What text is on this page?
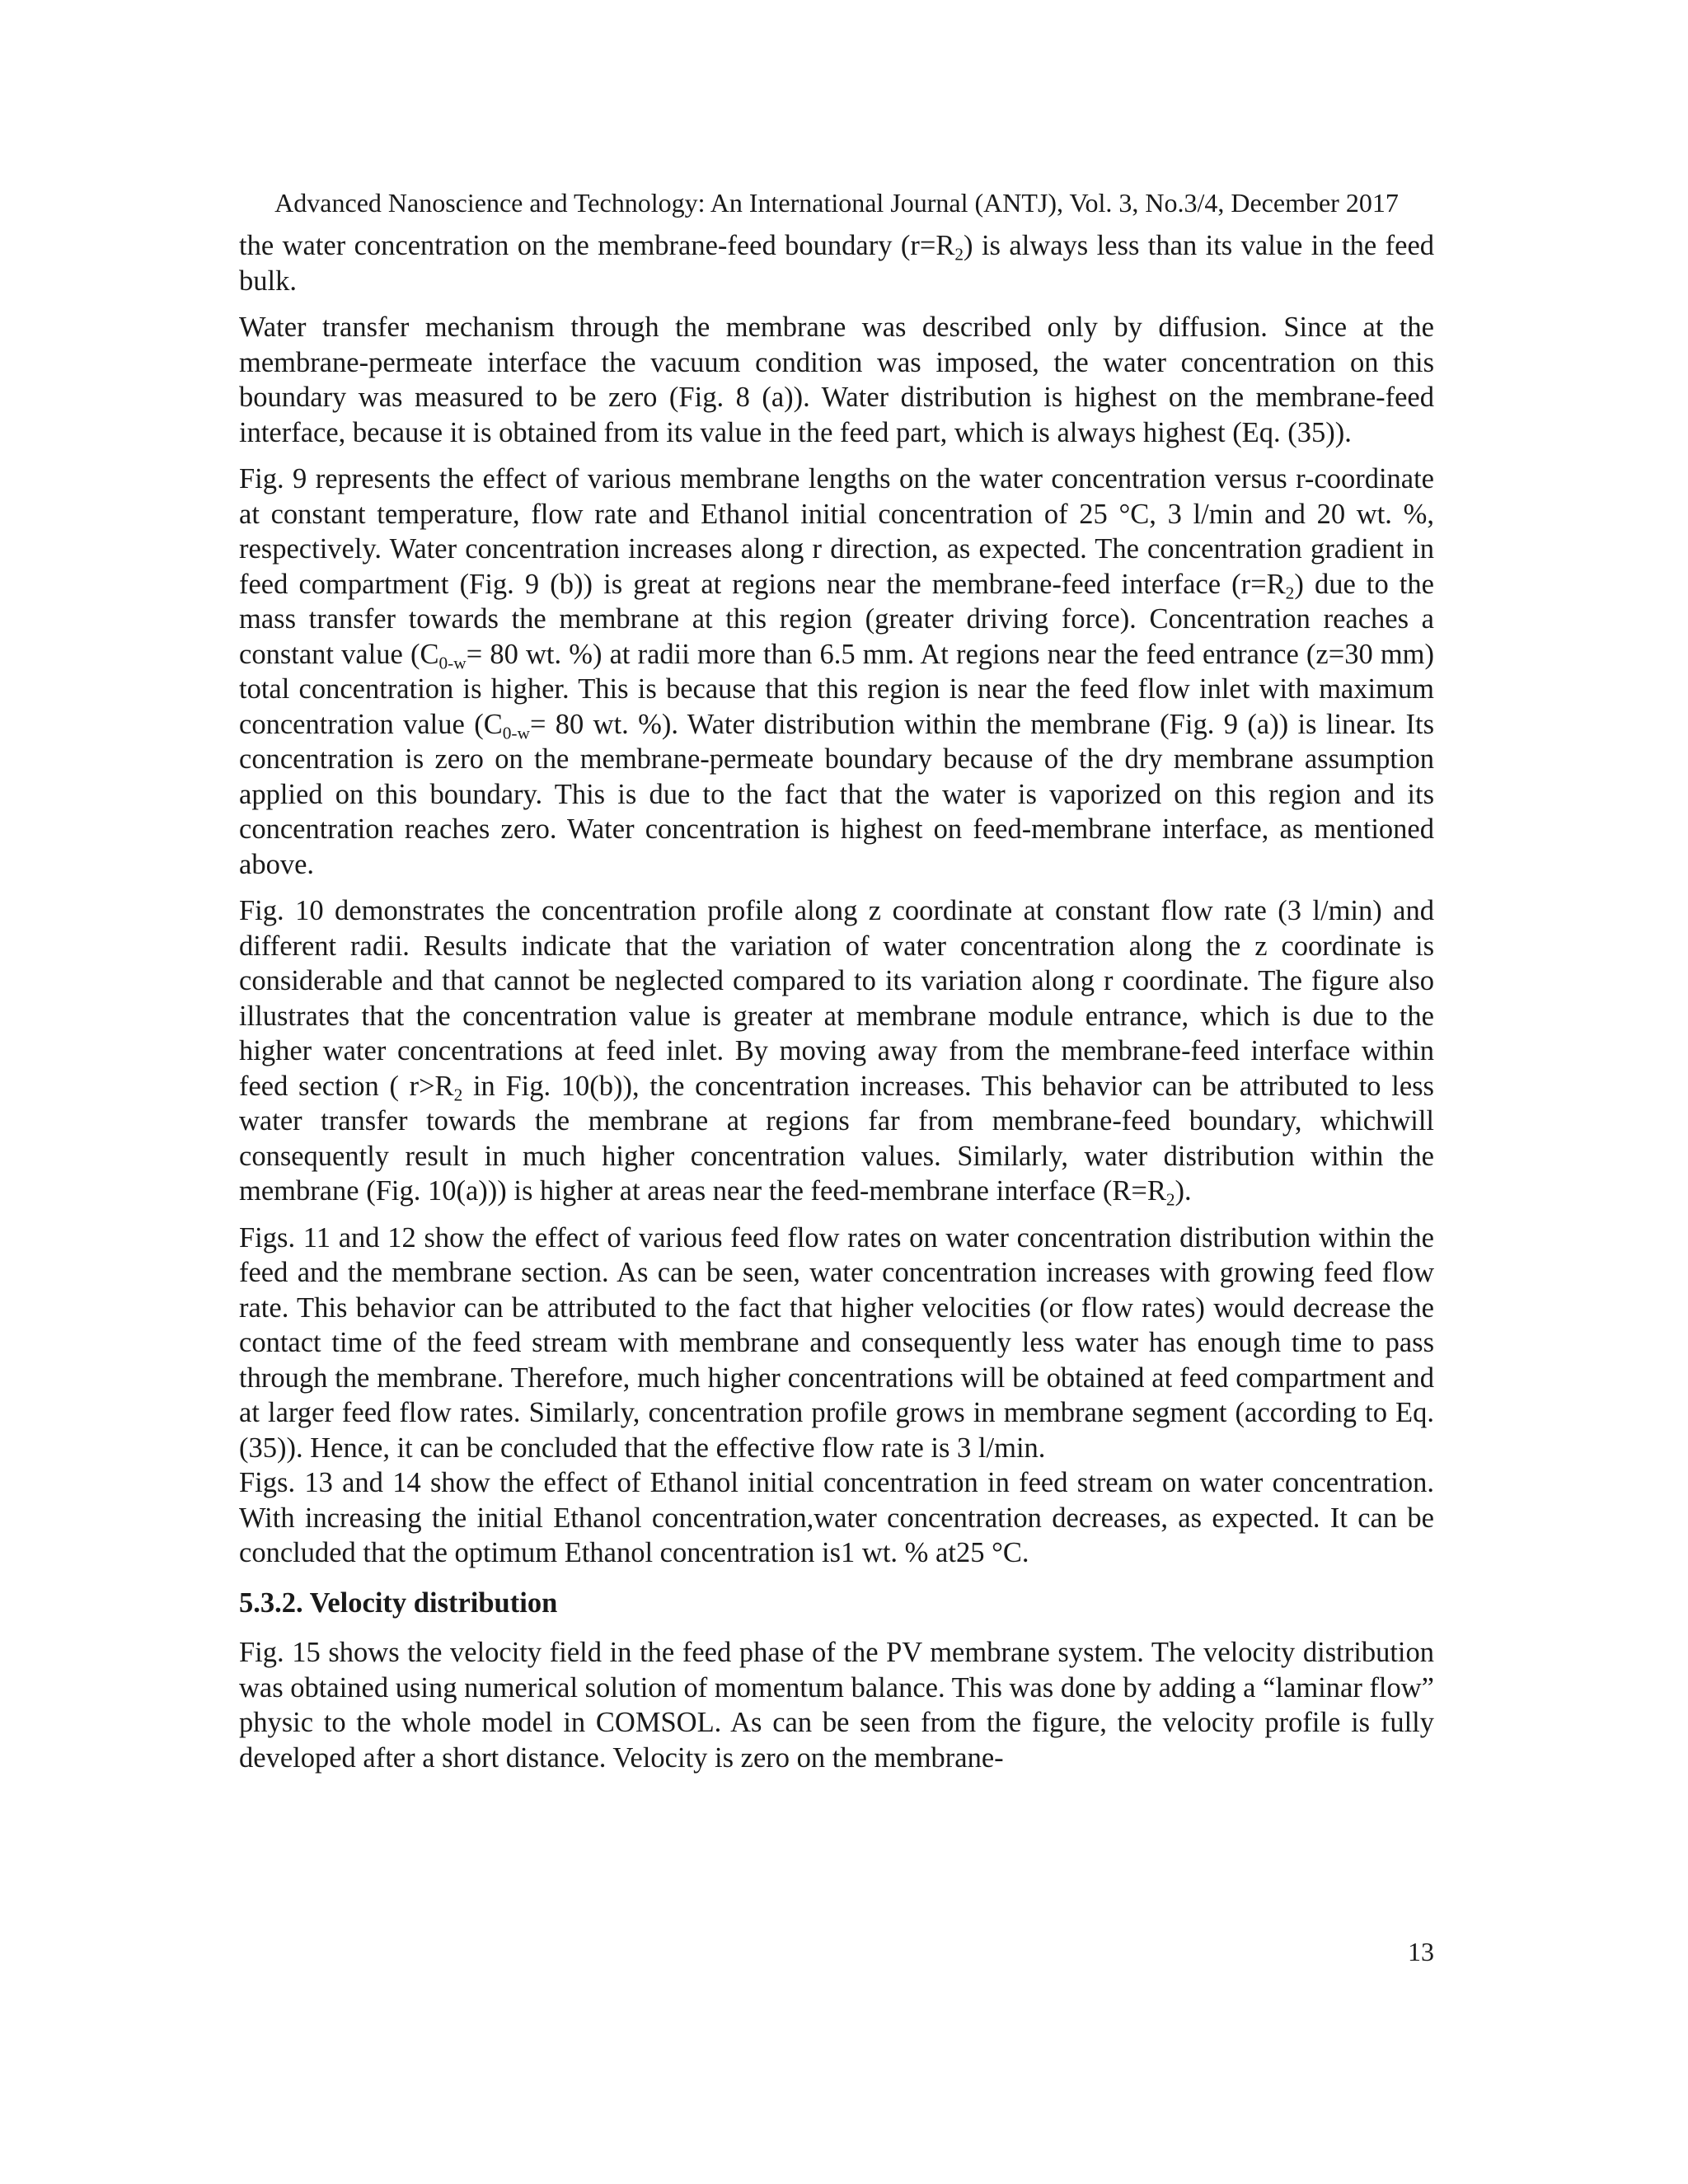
Advanced Nanoscience and Technology: An International Journal (ANTJ), Vol. 3, No.3/4, December 2017

the water concentration on the membrane-feed boundary $(r=R_2)$ is always less than its value in the feed bulk.

Water transfer mechanism through the membrane was described only by diffusion. Since at the membrane-permeate interface the vacuum condition was imposed, the water concentration on this boundary was measured to be zero (Fig. 8 (a)). Water distribution is highest on the membrane-feed interface, because it is obtained from its value in the feed part, which is always highest (Eq. (35)).

Fig. 9 represents the effect of various membrane lengths on the water concentration versus r-coordinate at constant temperature, flow rate and Ethanol initial concentration of 25 °C, 3 l/min and 20 wt. %, respectively. Water concentration increases along r direction, as expected. The concentration gradient in feed compartment (Fig. 9 (b)) is great at regions near the membrane-feed interface $(r=R_2)$ due to the mass transfer towards the membrane at this region (greater driving force). Concentration reaches a constant value ($C_{0-w}= 80$ wt. %) at radii more than 6.5 mm. At regions near the feed entrance (z=30 mm) total concentration is higher. This is because that this region is near the feed flow inlet with maximum concentration value ($C_{0-w}= 80$ wt. %). Water distribution within the membrane (Fig. 9 (a)) is linear. Its concentration is zero on the membrane-permeate boundary because of the dry membrane assumption applied on this boundary. This is due to the fact that the water is vaporized on this region and its concentration reaches zero. Water concentration is highest on feed-membrane interface, as mentioned above.

Fig. 10 demonstrates the concentration profile along z coordinate at constant flow rate (3 l/min) and different radii. Results indicate that the variation of water concentration along the z coordinate is considerable and that cannot be neglected compared to its variation along r coordinate. The figure also illustrates that the concentration value is greater at membrane module entrance, which is due to the higher water concentrations at feed inlet. By moving away from the membrane-feed interface within feed section ( $r>R_2$ in Fig. 10(b)), the concentration increases. This behavior can be attributed to less water transfer towards the membrane at regions far from membrane-feed boundary, whichwill consequently result in much higher concentration values. Similarly, water distribution within the membrane (Fig. 10(a))) is higher at areas near the feed-membrane interface $(R=R_2)$.

Figs. 11 and 12 show the effect of various feed flow rates on water concentration distribution within the feed and the membrane section. As can be seen, water concentration increases with growing feed flow rate. This behavior can be attributed to the fact that higher velocities (or flow rates) would decrease the contact time of the feed stream with membrane and consequently less water has enough time to pass through the membrane. Therefore, much higher concentrations will be obtained at feed compartment and at larger feed flow rates. Similarly, concentration profile grows in membrane segment (according to Eq. (35)). Hence, it can be concluded that the effective flow rate is 3 l/min.

Figs. 13 and 14 show the effect of Ethanol initial concentration in feed stream on water concentration. With increasing the initial Ethanol concentration,water concentration decreases, as expected. It can be concluded that the optimum Ethanol concentration is1 wt. % at25 °C.

5.3.2. Velocity distribution

Fig. 15 shows the velocity field in the feed phase of the PV membrane system. The velocity distribution was obtained using numerical solution of momentum balance. This was done by adding a “laminar flow” physic to the whole model in COMSOL. As can be seen from the figure, the velocity profile is fully developed after a short distance. Velocity is zero on the membrane-

13
